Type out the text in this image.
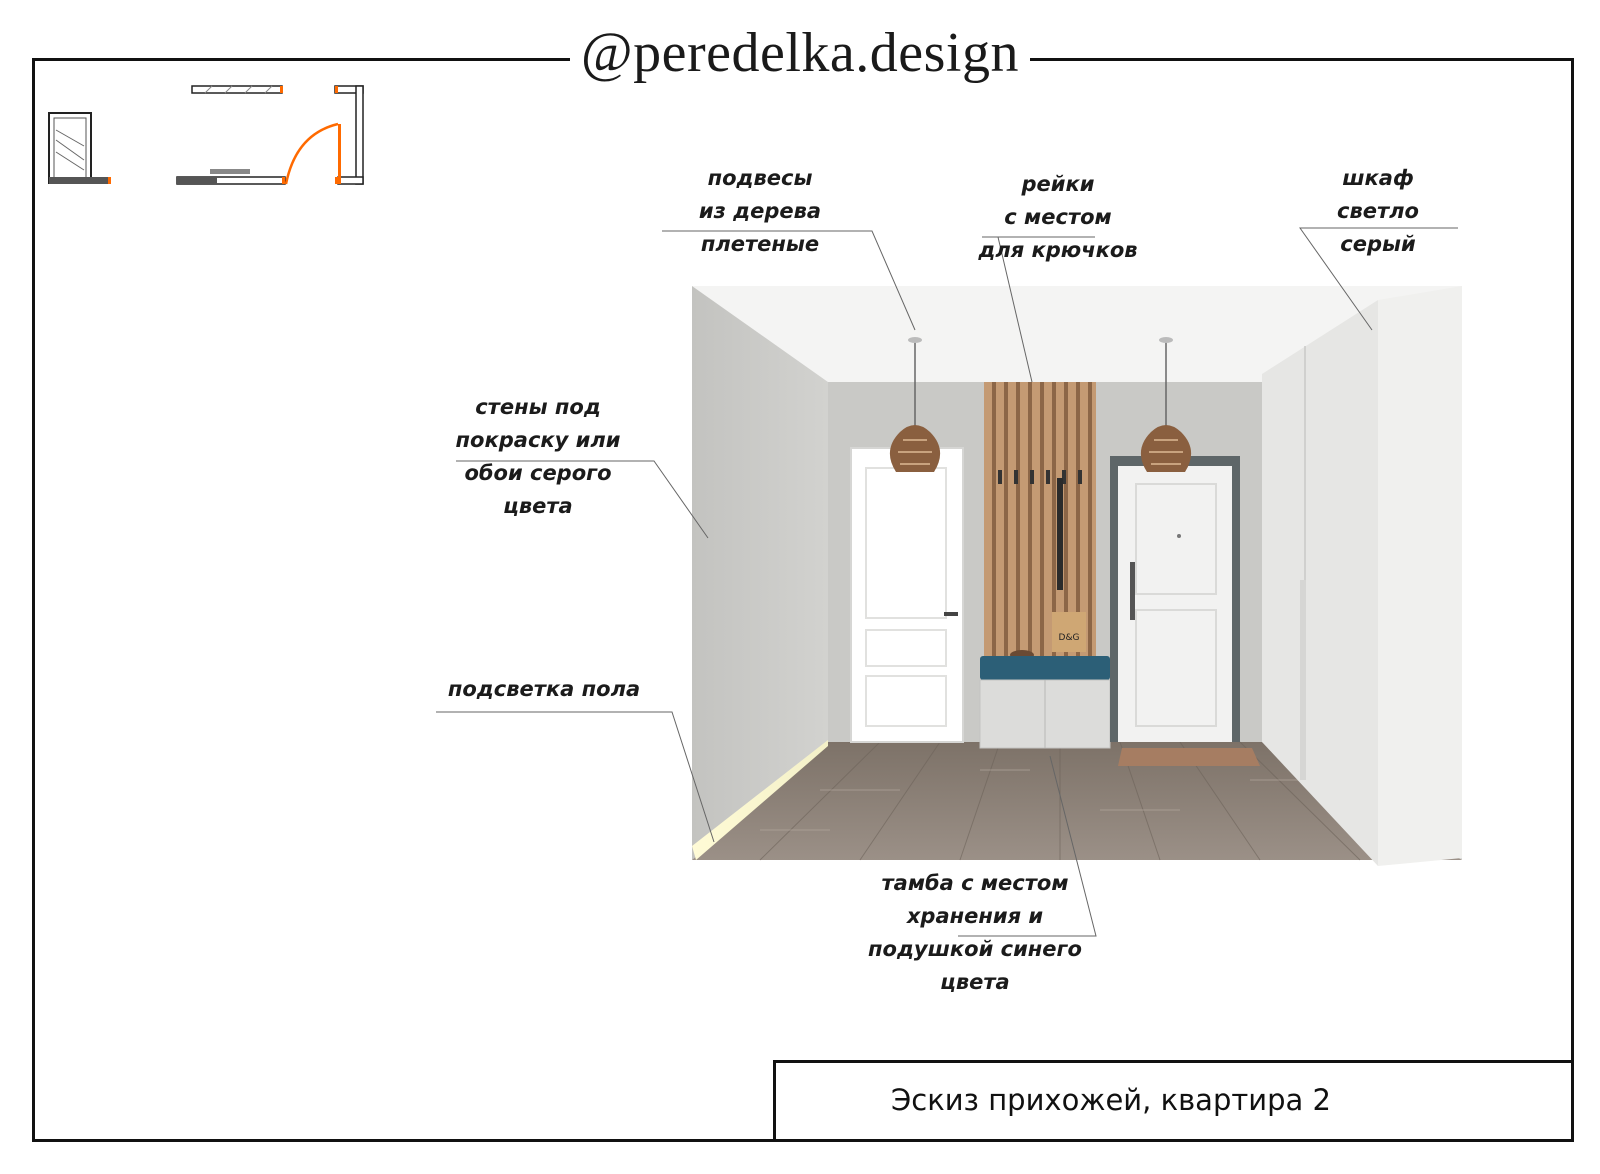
@peredelka.design
D&G
подвесы
из дерева
плетеные
рейки
с местом
для крючков
шкаф
светло
серый
стены под
покраску или
обои серого
цвета
подсветка пола
тамба с местом
хранения и
подушкой синего
цвета
Эскиз прихожей, квартира 2
